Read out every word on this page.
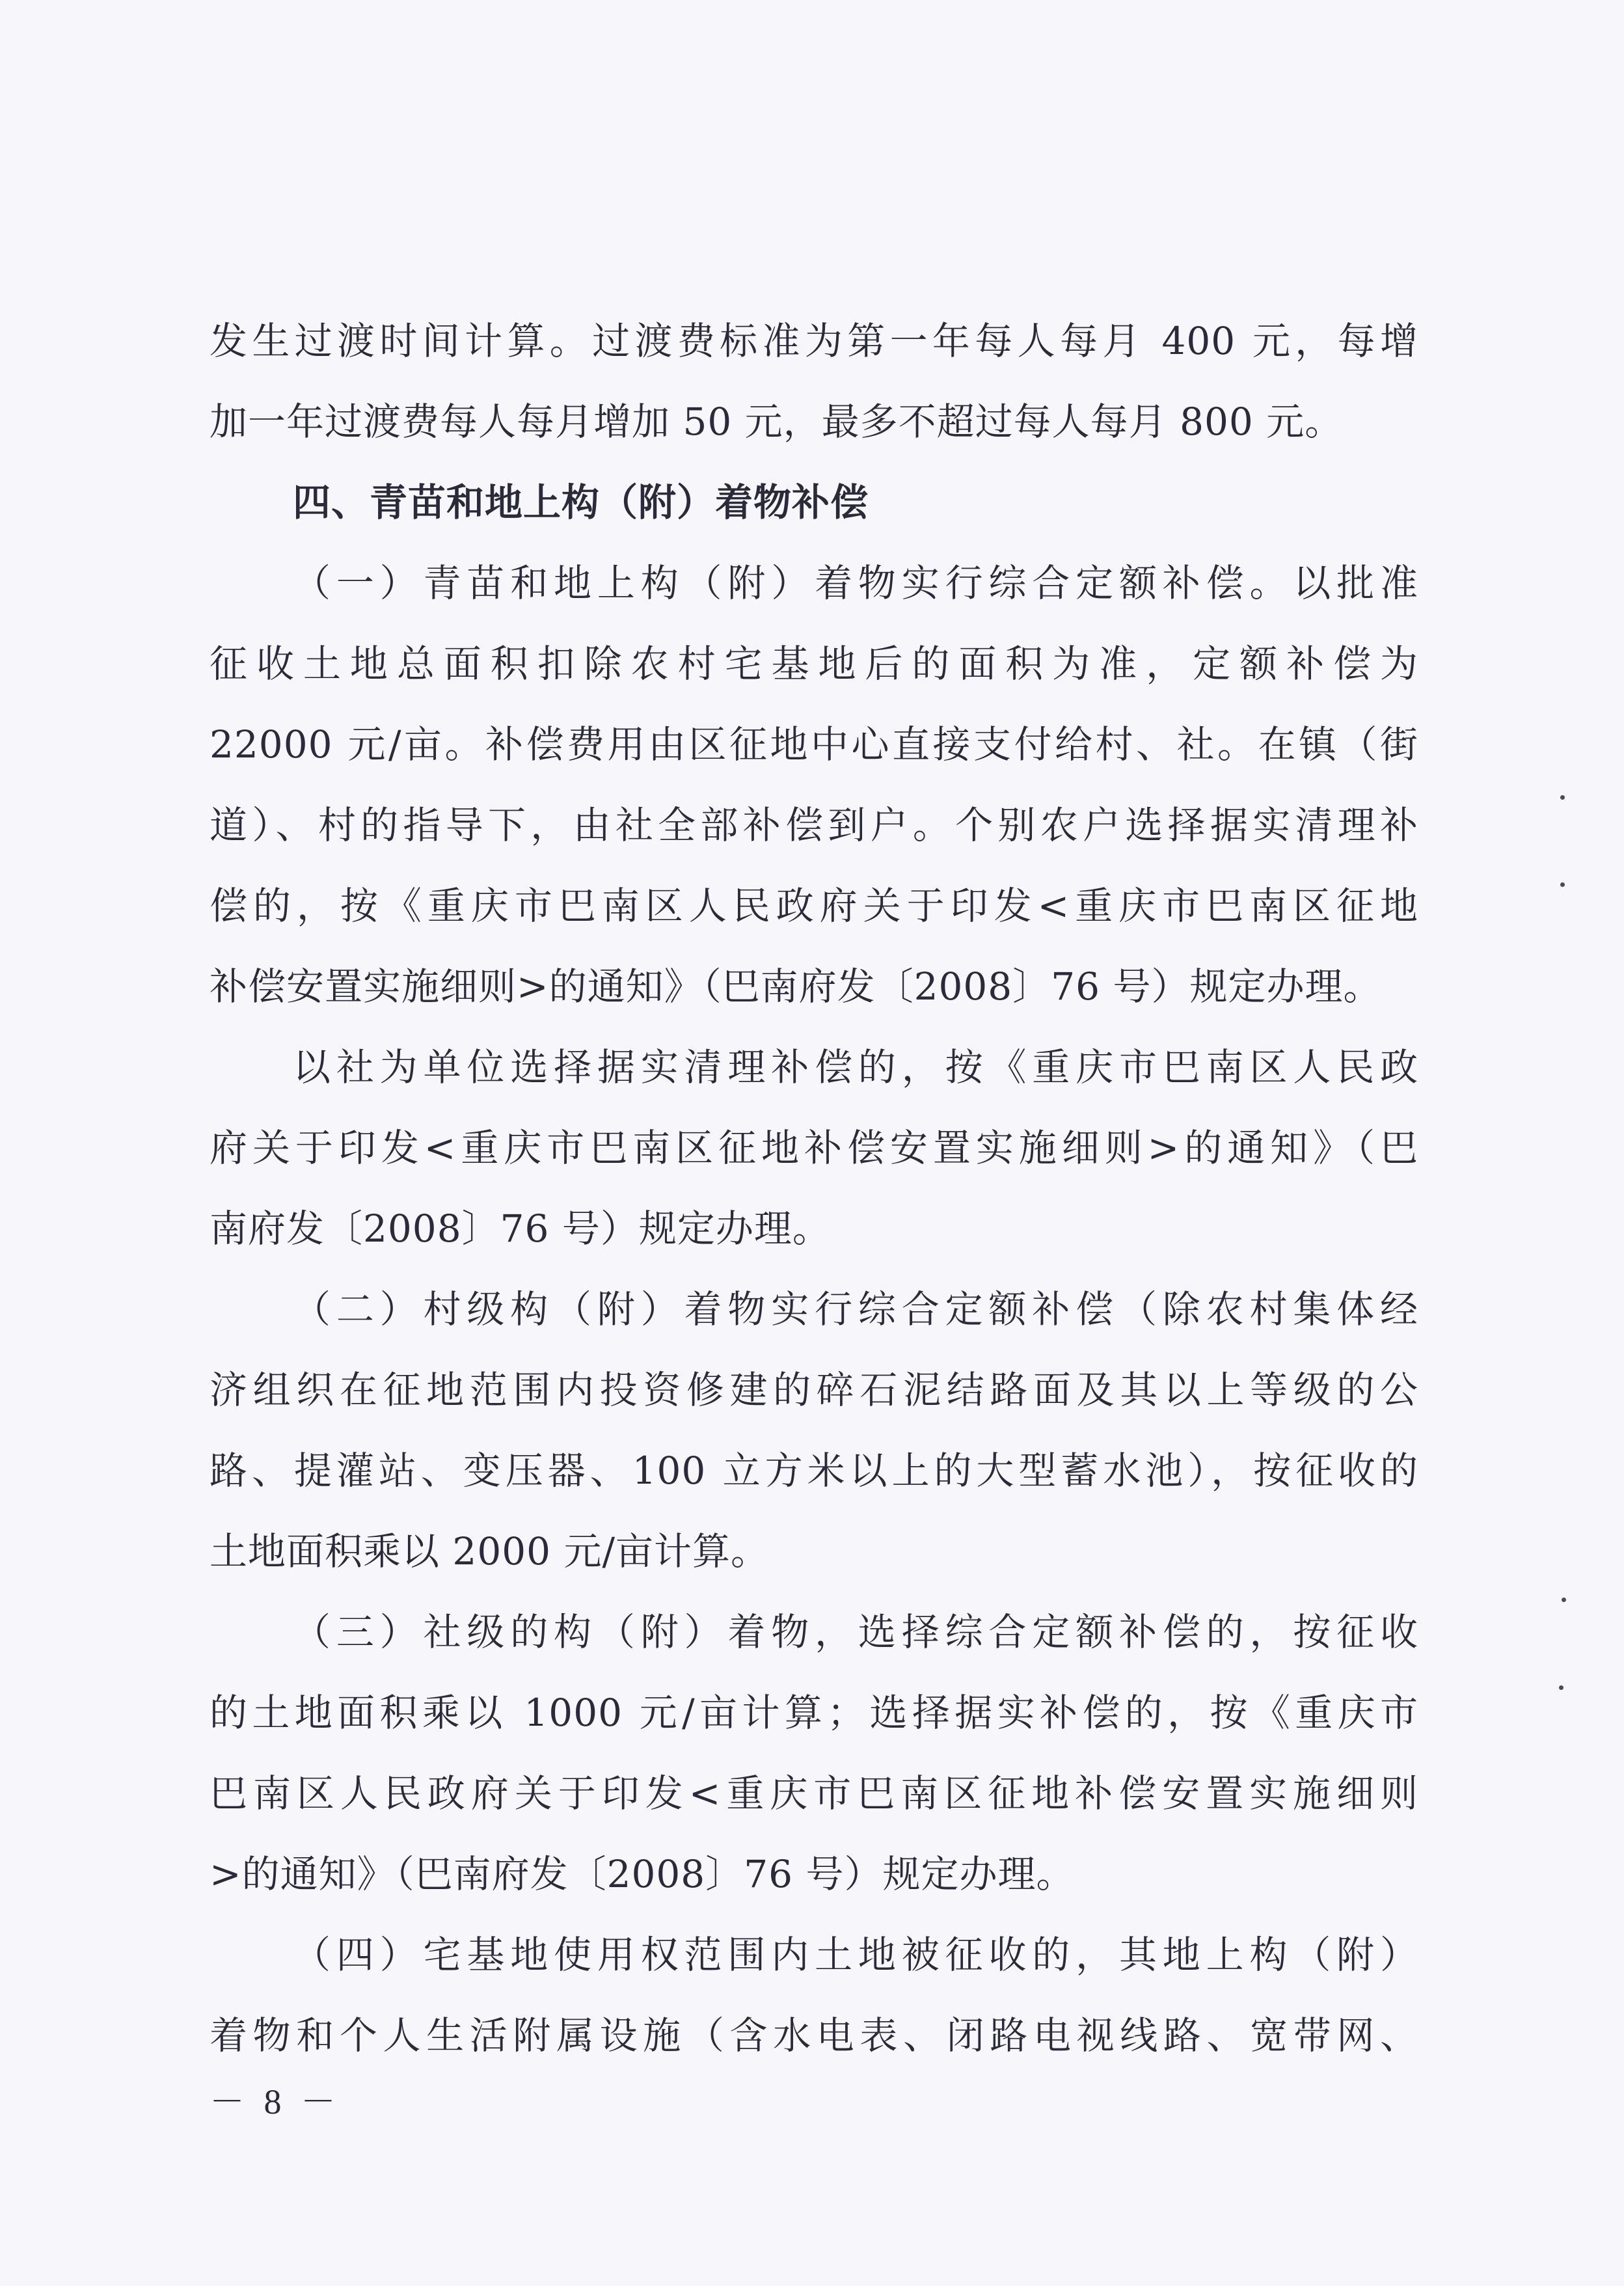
发生过渡时间计算。过渡费标准为第一年每人每月 400 元，每增
加一年过渡费每人每月增加 50 元，最多不超过每人每月 800 元。
四、青苗和地上构（附）着物补偿
（一）青苗和地上构（附）着物实行综合定额补偿。以批准
征收土地总面积扣除农村宅基地后的面积为准，定额补偿为
22000 元/亩。补偿费用由区征地中心直接支付给村、社。在镇（街
道）、村的指导下，由社全部补偿到户。个别农户选择据实清理补
偿的，按《重庆市巴南区人民政府关于印发<重庆市巴南区征地
补偿安置实施细则>的通知》（巴南府发〔2008〕76 号）规定办理。
以社为单位选择据实清理补偿的，按《重庆市巴南区人民政
府关于印发<重庆市巴南区征地补偿安置实施细则>的通知》（巴
南府发〔2008〕76 号）规定办理。
（二）村级构（附）着物实行综合定额补偿（除农村集体经
济组织在征地范围内投资修建的碎石泥结路面及其以上等级的公
路、提灌站、变压器、100 立方米以上的大型蓄水池），按征收的
土地面积乘以 2000 元/亩计算。
（三）社级的构（附）着物，选择综合定额补偿的，按征收
的土地面积乘以 1000 元/亩计算；选择据实补偿的，按《重庆市
巴南区人民政府关于印发<重庆市巴南区征地补偿安置实施细则
>的通知》（巴南府发〔2008〕76 号）规定办理。
（四）宅基地使用权范围内土地被征收的，其地上构（附）
着物和个人生活附属设施（含水电表、闭路电视线路、宽带网、
－ 8 －
